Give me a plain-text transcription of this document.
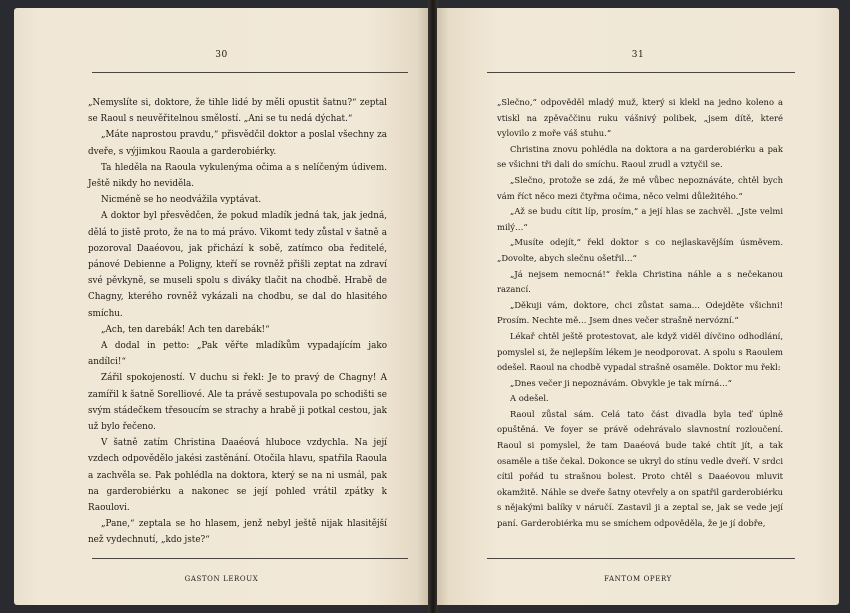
30

„Nemyslíte si, doktore, že tihle lidé by měli opustit šatnu?“ zeptal se Raoul s neuvěřitelnou smělostí. „Ani se tu nedá dýchat.“

„Máte naprostou pravdu,“ přisvědčil doktor a poslal všechny za dveře, s výjimkou Raoula a garderobiérky.

Ta hleděla na Raoula vykulenýma očima a s nelíčeným údivem. Ještě nikdy ho neviděla.

Nicméně se ho neodvážila vyptávat.

A doktor byl přesvědčen, že pokud mladík jedná tak, jak jedná, dělá to jistě proto, že na to má právo. Vikomt tedy zůstal v šatně a pozoroval Daaéovou, jak přichází k sobě, zatímco oba ředitelé, pánové Debienne a Poligny, kteří se rovněž přišli zeptat na zdraví své pěvkyně, se museli spolu s diváky tlačit na chodbě. Hrabě de Chagny, kterého rovněž vykázali na chodbu, se dal do hlasitého smíchu.

„Ach, ten darebák! Ach ten darebák!“

A dodal in petto: „Pak věřte mladíkům vypadajícím jako andílci!“

Zářil spokojeností. V duchu si řekl: Je to pravý de Chagny! A zamířil k šatně Sorelliové. Ale ta právě sestupovala po schodišti se svým stádečkem třesoucím se strachy a hrabě ji potkal cestou, jak už bylo řečeno.

V šatně zatím Christina Daaéová hluboce vzdychla. Na její vzdech odpovědělo jakési zastěnání. Otočila hlavu, spatřila Raoula a zachvěla se. Pak pohlédla na doktora, který se na ni usmál, pak na garderobiérku a nakonec se její pohled vrátil zpátky k Raoulovi.

„Pane,“ zeptala se ho hlasem, jenž nebyl ještě nijak hlasitější než vydechnutí, „kdo jste?“

GASTON LEROUX
31

„Slečno,“ odpověděl mladý muž, který si klekl na jedno koleno a vtiskl na zpěvaččinu ruku vášnivý polibek, „jsem dítě, které vylovilo z moře váš stuhu.“

Christina znovu pohlédla na doktora a na garderobiérku a pak se všichni tři dali do smíchu. Raoul zrudl a vztyčil se.

„Slečno, protože se zdá, že mě vůbec nepoznáváte, chtěl bych vám říct něco mezi čtyřma očima, něco velmi důležitého.“

„Až se budu cítit líp, prosím,“ a její hlas se zachvěl. „Jste velmi milý…“

„Musíte odejít,“ řekl doktor s co nejlaskavějším úsměvem. „Dovolte, abych slečnu ošetřil…“

„Já nejsem nemocná!“ řekla Christina náhle a s nečekanou razancí.

„Děkuji vám, doktore, chci zůstat sama… Odejděte všichni! Prosím. Nechte mě… Jsem dnes večer strašně nervózní.“

Lékař chtěl ještě protestovat, ale když viděl dívčino odhodlání, pomyslel si, že nejlepším lékem je neodporovat. A spolu s Raoulem odešel. Raoul na chodbě vypadal strašně osaměle. Doktor mu řekl:

„Dnes večer ji nepoznávám. Obvykle je tak mírná…“

A odešel.

Raoul zůstal sám. Celá tato část divadla byla teď úplně opuštěná. Ve foyer se právě odehrávalo slavnostní rozloučení. Raoul si pomyslel, že tam Daaéová bude také chtít jít, a tak osaměle a tiše čekal. Dokonce se ukryl do stínu vedle dveří. V srdci cítil pořád tu strašnou bolest. Proto chtěl s Daaéovou mluvit okamžitě. Náhle se dveře šatny otevřely a on spatřil garderobiérku s nějakými balíky v náručí. Zastavil ji a zeptal se, jak se vede její paní. Garderobiérka mu se smíchem odpověděla, že je jí dobře,

FANTOM OPERY
